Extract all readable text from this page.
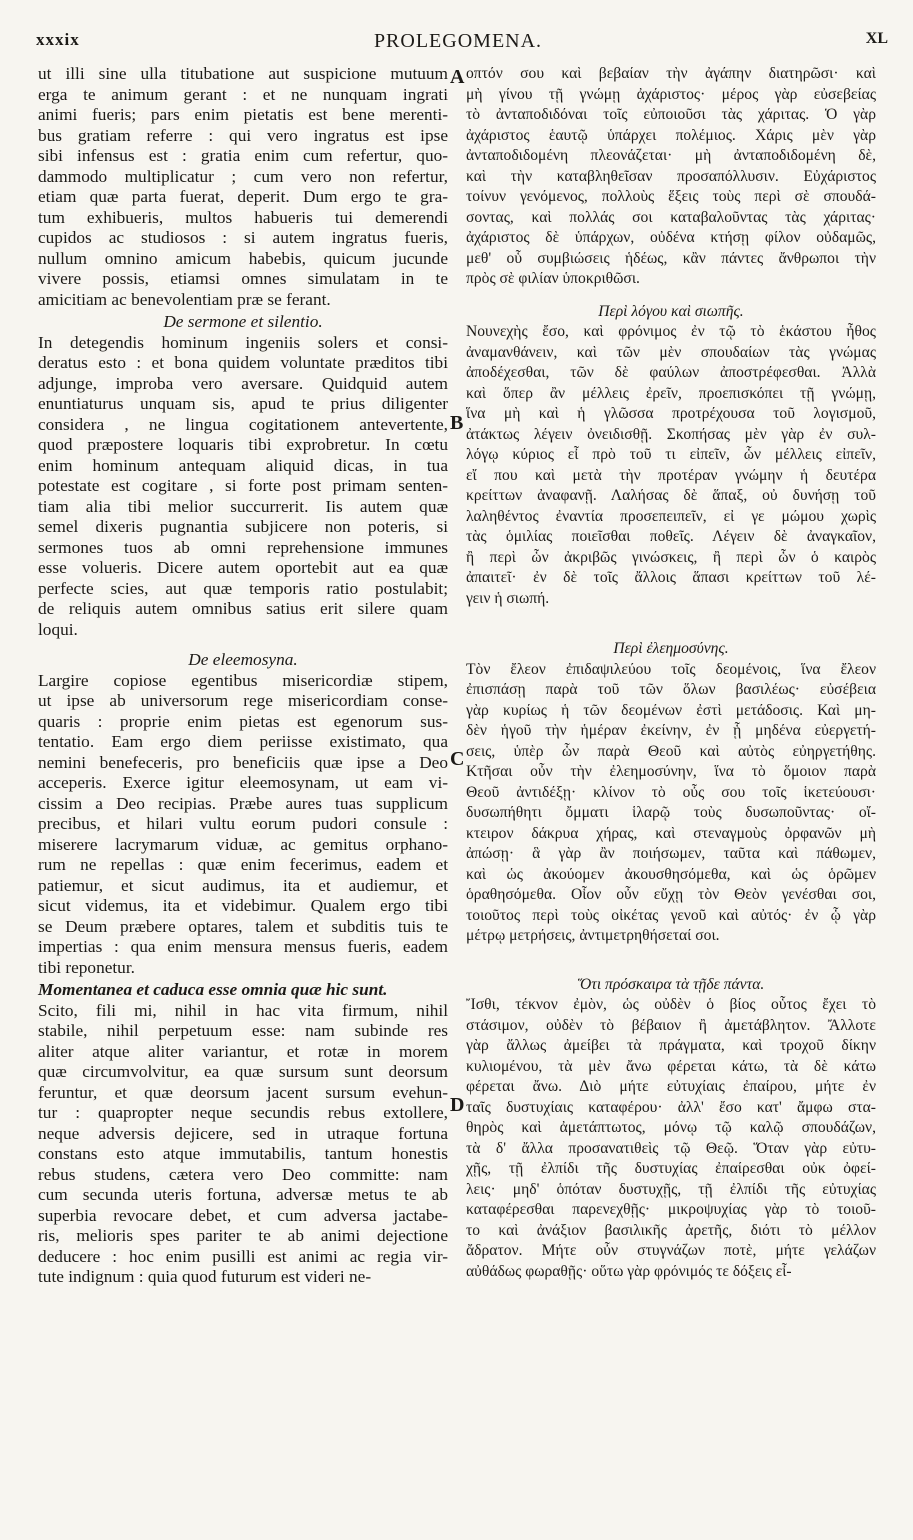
xxxix	PROLEGOMENA.	XL
A
B
C
D
ut illi sine ulla titubatione aut suspicione mutuum
erga te animum gerant : et ne nunquam ingrati
animi fueris; pars enim pietatis est bene merenti-
bus gratiam referre : qui vero ingratus est ipse
sibi infensus est : gratia enim cum refertur, quo-
dammodo multiplicatur ; cum vero non refertur,
etiam quæ parta fuerat, deperit. Dum ergo te gra-
tum exhibueris, multos habueris tui demerendi
cupidos ac studiosos : si autem ingratus fueris,
nullum omnino amicum habebis, quicum jucunde
vivere possis, etiamsi omnes simulatam in te
amicitiam ac benevolentiam præ se ferant.
De sermone et silentio.
In detegendis hominum ingeniis solers et consi-
deratus esto : et bona quidem voluntate præditos tibi
adjunge, improba vero aversare. Quidquid autem
enuntiaturus unquam sis, apud te prius diligenter
considera , ne lingua cogitationem antevertente,
quod præpostere loquaris tibi exprobretur. In cœtu
enim hominum antequam aliquid dicas, in tua
potestate est cogitare , si forte post primam senten-
tiam alia tibi melior succurrerit. Iis autem quæ
semel dixeris pugnantia subjicere non poteris, si
sermones tuos ab omni reprehensione immunes
esse volueris. Dicere autem oportebit aut ea quæ
perfecte scies, aut quæ temporis ratio postulabit;
de reliquis autem omnibus satius erit silere quam
loqui.
De eleemosyna.
Largire copiose egentibus misericordiæ stipem,
ut ipse ab universorum rege misericordiam conse-
quaris : proprie enim pietas est egenorum sus-
tentatio. Eam ergo diem periisse existimato, qua
nemini benefeceris, pro beneficiis quæ ipse a Deo
acceperis. Exerce igitur eleemosynam, ut eam vi-
cissim a Deo recipias. Præbe aures tuas supplicum
precibus, et hilari vultu eorum pudori consule :
miserere lacrymarum viduæ, ac gemitus orphano-
rum ne repellas : quæ enim fecerimus, eadem et
patiemur, et sicut audimus, ita et audiemur, et
sicut videmus, ita et videbimur. Qualem ergo tibi
se Deum præbere optares, talem et subditis tuis te
impertias : qua enim mensura mensus fueris, eadem
tibi reponetur.
Momentanea et caduca esse omnia quæ hic sunt.
Scito, fili mi, nihil in hac vita firmum, nihil
stabile, nihil perpetuum esse: nam subinde res
aliter atque aliter variantur, et rotæ in morem
quæ circumvolvitur, ea quæ sursum sunt deorsum
feruntur, et quæ deorsum jacent sursum evehun-
tur : quapropter neque secundis rebus extollere,
neque adversis dejicere, sed in utraque fortuna
constans esto atque immutabilis, tantum honestis
rebus studens, cætera vero Deo committe: nam
cum secunda uteris fortuna, adversæ metus te ab
superbia revocare debet, et cum adversa jactabe-
ris, melioris spes pariter te ab animi dejectione
deducere : hoc enim pusilli est animi ac regia vir-
tute indignum : quia quod futurum est videri ne-
οπτόν σου καὶ βεβαίαν τὴν ἀγάπην διατηρῶσι· καὶ
μὴ γίνου τῇ γνώμῃ ἀχάριστος· μέρος γὰρ εὐσεβείας
τὸ ἀνταποδιδόναι τοῖς εὐποιοῦσι τὰς χάριτας. Ὁ γὰρ
ἀχάριστος ἑαυτῷ ὑπάρχει πολέμιος. Χάρις μὲν γὰρ
ἀνταποδιδομένη πλεονάζεται· μὴ ἀνταποδιδομένη δὲ,
καὶ τὴν καταβληθεῖσαν προσαπόλλυσιν. Εὐχάριστος
τοίνυν γενόμενος, πολλοὺς ἕξεις τοὺς περὶ σὲ σπουδά-
σοντας, καὶ πολλάς σοι καταβαλοῦντας τὰς χάριτας·
ἀχάριστος δὲ ὑπάρχων, οὐδένα κτήσῃ φίλον οὐδαμῶς,
μεθ' οὗ συμβιώσεις ἡδέως, κἂν πάντες ἄνθρωποι τὴν
πρὸς σὲ φιλίαν ὑποκριθῶσι.
Περὶ λόγου καὶ σιωπῆς.
Νουνεχὴς ἔσο, καὶ φρόνιμος ἐν τῷ τὸ ἑκάστου ἦθος
ἀναμανθάνειν, καὶ τῶν μὲν σπουδαίων τὰς γνώμας
ἀποδέχεσθαι, τῶν δὲ φαύλων ἀποστρέφεσθαι. Ἀλλὰ
καὶ ὅπερ ἂν μέλλεις ἐρεῖν, προεπισκόπει τῇ γνώμῃ,
ἵνα μὴ καὶ ἡ γλῶσσα προτρέχουσα τοῦ λογισμοῦ,
ἀτάκτως λέγειν ὀνειδισθῇ. Σκοπήσας μὲν γὰρ ἐν συλ-
λόγῳ κύριος εἶ πρὸ τοῦ τι εἰπεῖν, ὧν μέλλεις εἰπεῖν,
εἴ που καὶ μετὰ τὴν προτέραν γνώμην ἡ δευτέρα
κρείττων ἀναφανῇ. Λαλήσας δὲ ἅπαξ, οὐ δυνήσῃ τοῦ
λαληθέντος ἐναντία προσεπειπεῖν, εἰ γε μώμου χωρὶς
τὰς ὁμιλίας ποιεῖσθαι ποθεῖς. Λέγειν δὲ ἀναγκαῖον,
ἢ περὶ ὧν ἀκριβῶς γινώσκεις, ἢ περὶ ὧν ὁ καιρὸς
ἀπαιτεῖ· ἐν δὲ τοῖς ἄλλοις ἅπασι κρείττων τοῦ λέ-
γειν ἡ σιωπή.
Περὶ ἐλεημοσύνης.
Τὸν ἔλεον ἐπιδαψιλεύου τοῖς δεομένοις, ἵνα ἔλεον
ἐπισπάσῃ παρὰ τοῦ τῶν ὅλων βασιλέως· εὐσέβεια
γὰρ κυρίως ἡ τῶν δεομένων ἐστὶ μετάδοσις. Καὶ μη-
δὲν ἡγοῦ τὴν ἡμέραν ἐκείνην, ἐν ᾗ μηδένα εὐεργετή-
σεις, ὑπὲρ ὧν παρὰ Θεοῦ καὶ αὐτὸς εὐηργετήθης.
Κτῆσαι οὖν τὴν ἐλεημοσύνην, ἵνα τὸ ὅμοιον παρὰ
Θεοῦ ἀντιδέξῃ· κλίνον τὸ οὖς σου τοῖς ἱκετεύουσι·
δυσωπήθητι ὄμματι ἱλαρῷ τοὺς δυσωποῦντας· οἴ-
κτειρον δάκρυα χήρας, καὶ στεναγμοὺς ὀρφανῶν μὴ
ἀπώσῃ· ἃ γὰρ ἂν ποιήσωμεν, ταῦτα καὶ πάθωμεν,
καὶ ὡς ἀκούομεν ἀκουσθησόμεθα, καὶ ὡς ὁρῶμεν
ὁραθησόμεθα. Οἷον οὖν εὔχῃ τὸν Θεὸν γενέσθαι σοι,
τοιοῦτος περὶ τοὺς οἰκέτας γενοῦ καὶ αὐτός· ἐν ᾧ γὰρ
μέτρῳ μετρήσεις, ἀντιμετρηθήσεταί σοι.
Ὅτι πρόσκαιρα τὰ τῇδε πάντα.
Ἴσθι, τέκνον ἐμὸν, ὡς οὐδὲν ὁ βίος οὗτος ἔχει τὸ
στάσιμον, οὐδὲν τὸ βέβαιον ἢ ἀμετάβλητον. Ἄλλοτε
γὰρ ἄλλως ἀμείβει τὰ πράγματα, καὶ τροχοῦ δίκην
κυλιομένου, τὰ μὲν ἄνω φέρεται κάτω, τὰ δὲ κάτω
φέρεται ἄνω. Διὸ μήτε εὐτυχίαις ἐπαίρου, μήτε ἐν
ταῖς δυστυχίαις καταφέρου· ἀλλ' ἔσο κατ' ἄμφω στα-
θηρὸς καὶ ἀμετάπτωτος, μόνῳ τῷ καλῷ σπουδάζων,
τὰ δ' ἄλλα προσανατιθεὶς τῷ Θεῷ. Ὅταν γὰρ εὐτυ-
χῇς, τῇ ἐλπίδι τῆς δυστυχίας ἐπαίρεσθαι οὐκ ὀφεί-
λεις· μηδ' ὁπόταν δυστυχῇς, τῇ ἐλπίδι τῆς εὐτυχίας
καταφέρεσθαι παρενεχθῇς· μικροψυχίας γὰρ τὸ τοιοῦ-
το καὶ ἀνάξιον βασιλικῆς ἀρετῆς, διότι τὸ μέλλον
ἄδρατον. Μήτε οὖν στυγνάζων ποτὲ, μήτε γελάζων
αὐθάδως φωραθῇς· οὕτω γὰρ φρόνιμός τε δόξεις εἶ-
